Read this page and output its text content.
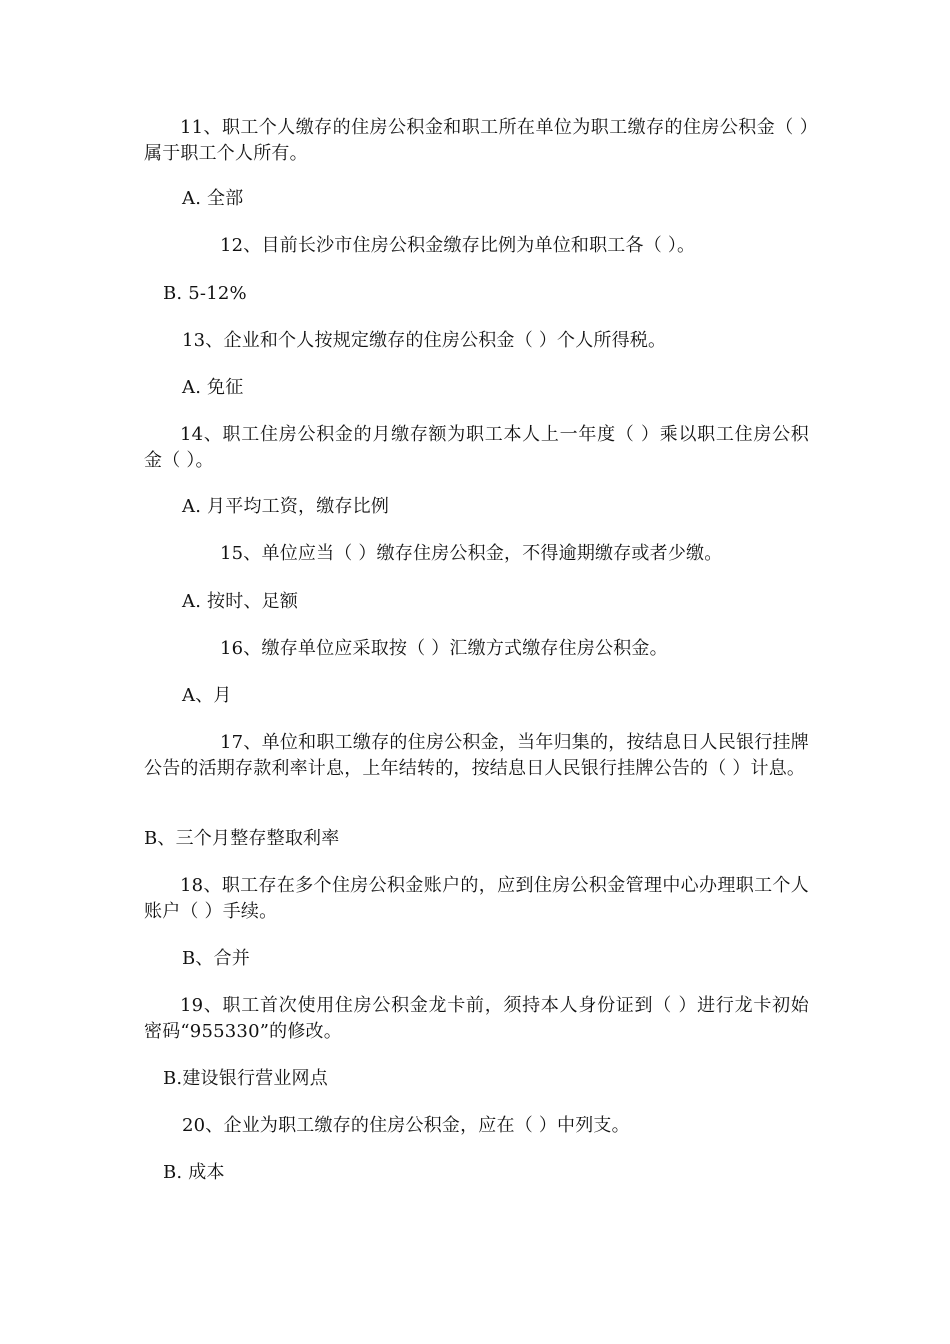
11、职工个人缴存的住房公积金和职工所在单位为职工缴存的住房公积金（ ）属于职工个人所有。

A. 全部

12、目前长沙市住房公积金缴存比例为单位和职工各（ ）。

B. 5-12%

13、企业和个人按规定缴存的住房公积金（ ）个人所得税。

A. 免征

14、职工住房公积金的月缴存额为职工本人上一年度（ ）乘以职工住房公积金（ ）。

A. 月平均工资，缴存比例

15、单位应当（ ）缴存住房公积金，不得逾期缴存或者少缴。

A. 按时、足额

16、缴存单位应采取按（ ）汇缴方式缴存住房公积金。

A、月

17、单位和职工缴存的住房公积金，当年归集的，按结息日人民银行挂牌公告的活期存款利率计息，上年结转的，按结息日人民银行挂牌公告的（ ）计息。

B、三个月整存整取利率

18、职工存在多个住房公积金账户的，应到住房公积金管理中心办理职工个人账户（ ）手续。

B、合并

19、职工首次使用住房公积金龙卡前，须持本人身份证到（ ）进行龙卡初始密码“955330”的修改。

B.建设银行营业网点

20、企业为职工缴存的住房公积金，应在（ ）中列支。

B. 成本
